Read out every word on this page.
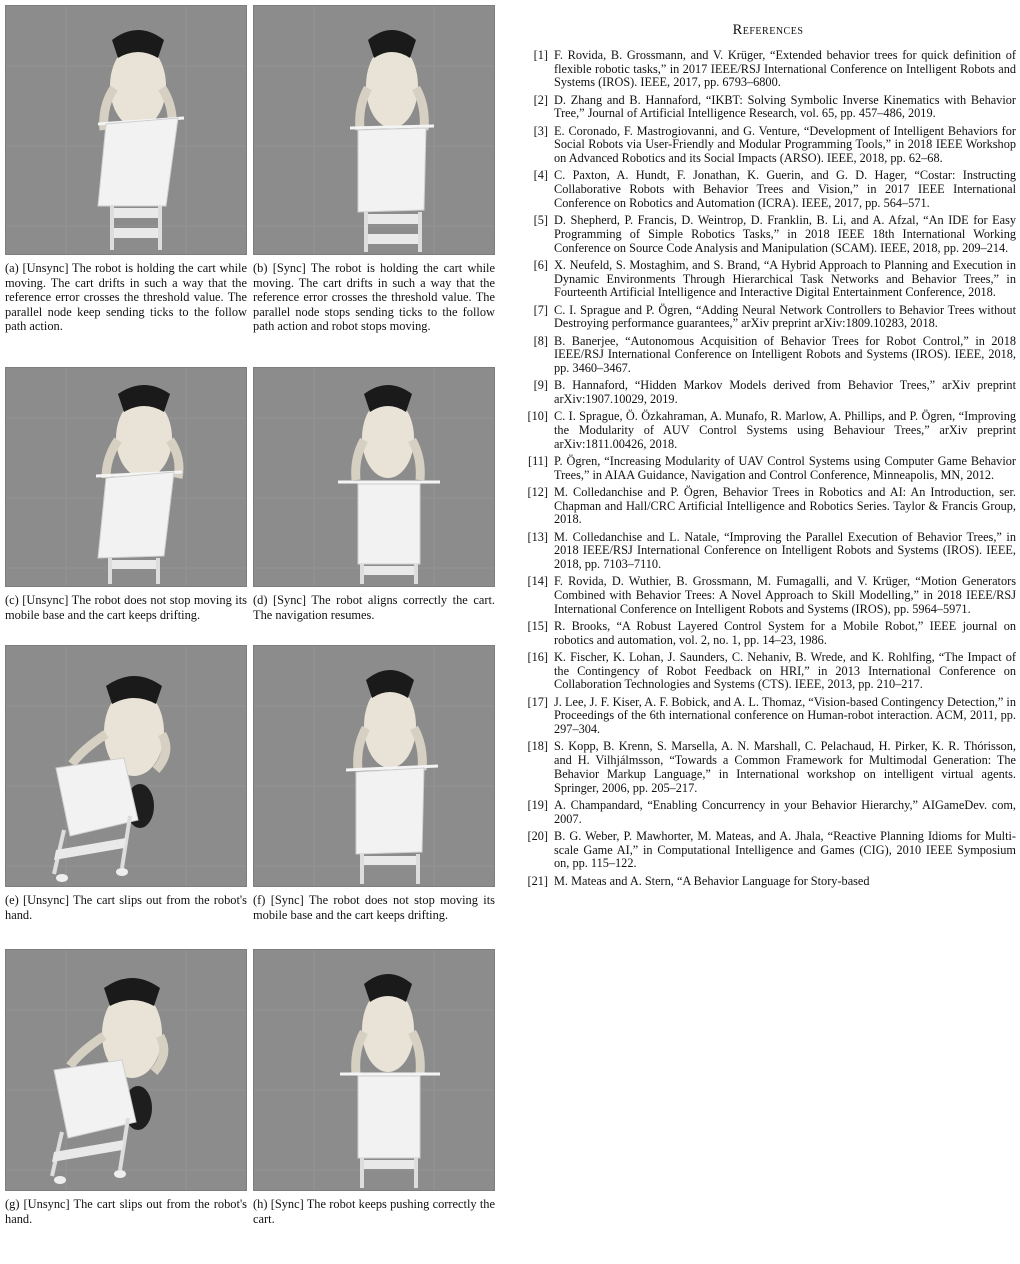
(a) [Unsync] The robot is holding the cart while moving. The cart drifts in such a way that the reference error crosses the threshold value. The parallel node keep sending ticks to the follow path action.
(b) [Sync] The robot is holding the cart while moving. The cart drifts in such a way that the reference error crosses the threshold value. The parallel node stops sending ticks to the follow path action and robot stops moving.
(c) [Unsync] The robot does not stop moving its mobile base and the cart keeps drifting.
(d) [Sync] The robot aligns correctly the cart. The navigation resumes.
(e) [Unsync] The cart slips out from the robot's hand.
(f) [Sync] The robot does not stop moving its mobile base and the cart keeps drifting.
(g) [Unsync] The cart slips out from the robot's hand.
(h) [Sync] The robot keeps pushing correctly the cart.
References
[1] F. Rovida, B. Grossmann, and V. Krüger, “Extended behavior trees for quick definition of flexible robotic tasks,” in 2017 IEEE/RSJ International Conference on Intelligent Robots and Systems (IROS). IEEE, 2017, pp. 6793–6800.
[2] D. Zhang and B. Hannaford, “IKBT: Solving Symbolic Inverse Kinematics with Behavior Tree,” Journal of Artificial Intelligence Research, vol. 65, pp. 457–486, 2019.
[3] E. Coronado, F. Mastrogiovanni, and G. Venture, “Development of Intelligent Behaviors for Social Robots via User-Friendly and Modular Programming Tools,” in 2018 IEEE Workshop on Advanced Robotics and its Social Impacts (ARSO). IEEE, 2018, pp. 62–68.
[4] C. Paxton, A. Hundt, F. Jonathan, K. Guerin, and G. D. Hager, “Costar: Instructing Collaborative Robots with Behavior Trees and Vision,” in 2017 IEEE International Conference on Robotics and Automation (ICRA). IEEE, 2017, pp. 564–571.
[5] D. Shepherd, P. Francis, D. Weintrop, D. Franklin, B. Li, and A. Afzal, “An IDE for Easy Programming of Simple Robotics Tasks,” in 2018 IEEE 18th International Working Conference on Source Code Analysis and Manipulation (SCAM). IEEE, 2018, pp. 209–214.
[6] X. Neufeld, S. Mostaghim, and S. Brand, “A Hybrid Approach to Planning and Execution in Dynamic Environments Through Hierarchical Task Networks and Behavior Trees,” in Fourteenth Artificial Intelligence and Interactive Digital Entertainment Conference, 2018.
[7] C. I. Sprague and P. Ögren, “Adding Neural Network Controllers to Behavior Trees without Destroying performance guarantees,” arXiv preprint arXiv:1809.10283, 2018.
[8] B. Banerjee, “Autonomous Acquisition of Behavior Trees for Robot Control,” in 2018 IEEE/RSJ International Conference on Intelligent Robots and Systems (IROS). IEEE, 2018, pp. 3460–3467.
[9] B. Hannaford, “Hidden Markov Models derived from Behavior Trees,” arXiv preprint arXiv:1907.10029, 2019.
[10] C. I. Sprague, Ö. Özkahraman, A. Munafo, R. Marlow, A. Phillips, and P. Ögren, “Improving the Modularity of AUV Control Systems using Behaviour Trees,” arXiv preprint arXiv:1811.00426, 2018.
[11] P. Ögren, “Increasing Modularity of UAV Control Systems using Computer Game Behavior Trees,” in AIAA Guidance, Navigation and Control Conference, Minneapolis, MN, 2012.
[12] M. Colledanchise and P. Ögren, Behavior Trees in Robotics and AI: An Introduction, ser. Chapman and Hall/CRC Artificial Intelligence and Robotics Series. Taylor & Francis Group, 2018.
[13] M. Colledanchise and L. Natale, “Improving the Parallel Execution of Behavior Trees,” in 2018 IEEE/RSJ International Conference on Intelligent Robots and Systems (IROS). IEEE, 2018, pp. 7103–7110.
[14] F. Rovida, D. Wuthier, B. Grossmann, M. Fumagalli, and V. Krüger, “Motion Generators Combined with Behavior Trees: A Novel Approach to Skill Modelling,” in 2018 IEEE/RSJ International Conference on Intelligent Robots and Systems (IROS), pp. 5964–5971.
[15] R. Brooks, “A Robust Layered Control System for a Mobile Robot,” IEEE journal on robotics and automation, vol. 2, no. 1, pp. 14–23, 1986.
[16] K. Fischer, K. Lohan, J. Saunders, C. Nehaniv, B. Wrede, and K. Rohlfing, “The Impact of the Contingency of Robot Feedback on HRI,” in 2013 International Conference on Collaboration Technologies and Systems (CTS). IEEE, 2013, pp. 210–217.
[17] J. Lee, J. F. Kiser, A. F. Bobick, and A. L. Thomaz, “Vision-based Contingency Detection,” in Proceedings of the 6th international conference on Human-robot interaction. ACM, 2011, pp. 297–304.
[18] S. Kopp, B. Krenn, S. Marsella, A. N. Marshall, C. Pelachaud, H. Pirker, K. R. Thórisson, and H. Vilhjálmsson, “Towards a Common Framework for Multimodal Generation: The Behavior Markup Language,” in International workshop on intelligent virtual agents. Springer, 2006, pp. 205–217.
[19] A. Champandard, “Enabling Concurrency in your Behavior Hierarchy,” AIGameDev. com, 2007.
[20] B. G. Weber, P. Mawhorter, M. Mateas, and A. Jhala, “Reactive Planning Idioms for Multi-scale Game AI,” in Computational Intelligence and Games (CIG), 2010 IEEE Symposium on, pp. 115–122.
[21] M. Mateas and A. Stern, “A Behavior Language for Story-based
